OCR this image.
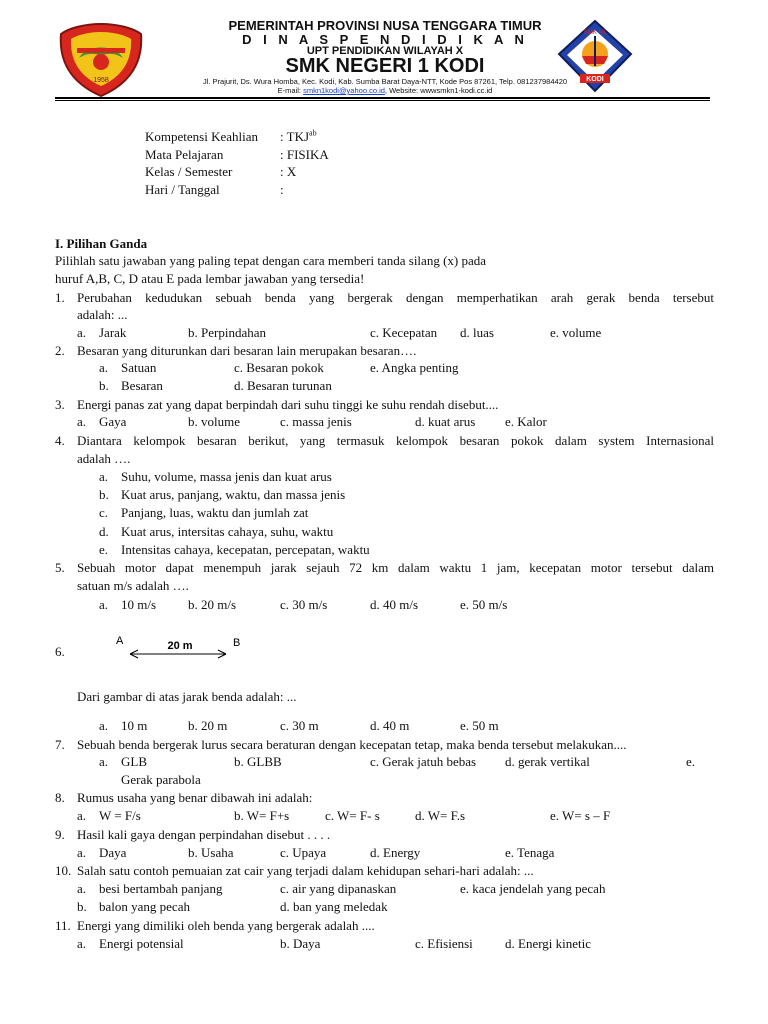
1958
PEMERINTAH PROVINSI NUSA TENGGARA TIMUR
D I N A S P E N D I D I K A N
UPT PENDIDIKAN WILAYAH X
SMK NEGERI 1 KODI
Jl. Prajurit, Ds. Wura Homba, Kec. Kodi, Kab. Sumba Barat Daya-NTT, Kode Pos 87261, Telp. 081237984420
E-mail: smkn1kodi@yahoo.co.id, Website: wwwsmkn1-kodi.cc.id
SMK N1
KODI
Kompetensi Keahlian : $TKJ^{ab}$
Mata Pelajaran	: FISIKA
Kelas / Semester	: X
Hari / Tanggal	:
I. Pilihan Ganda
Pilihlah satu jawaban yang paling tepat dengan cara memberi tanda silang (x) pada
huruf A,B, C, D atau E pada lembar jawaban yang tersedia!
1. Perubahan kedudukan sebuah benda yang bergerak dengan memperhatikan arah gerak benda tersebut
adalah: ...
a. Jarak	b. Perpindahan	c. Kecepatan d. luas	e. volume
2. Besaran yang diturunkan dari besaran lain merupakan besaran….
a. Satuan	c. Besaran pokok	e. Angka penting
b. Besaran	d. Besaran turunan
3. Energi panas zat yang dapat berpindah dari suhu tinggi ke suhu rendah disebut....
a. Gaya	b. volume	c. massa jenis	d. kuat arus e. Kalor
4. Diantara kelompok besaran berikut, yang termasuk kelompok besaran pokok dalam system Internasional
adalah ….
a. Suhu, volume, massa jenis dan kuat arus
b. Kuat arus, panjang, waktu, dan massa jenis
c. Panjang, luas, waktu dan jumlah zat
d. Kuat arus, intersitas cahaya, suhu, waktu
e. Intensitas cahaya, kecepatan, percepatan, waktu
5. Sebuah motor dapat menempuh jarak sejauh 72 km dalam waktu 1 jam, kecepatan motor tersebut dalam
satuan m/s adalah ….
a. 10 m/s b. 20 m/s	c. 30 m/s	d. 40 m/s	e. 50 m/s
6.
A	20 m	B
Dari gambar di atas jarak benda adalah: ...
a. 10 m	b. 20 m	c. 30 m	d. 40 m	e. 50 m
7. Sebuah benda bergerak lurus secara beraturan dengan kecepatan tetap, maka benda tersebut melakukan....
a. GLB	b. GLBB	c. Gerak jatuh bebas d. gerak vertikal	e.
Gerak parabola
8. Rumus usaha yang benar dibawah ini adalah:
a. W = F/s	b. W= F+s	c. W= F- s	d. W= F.s	e. W= s – F
9. Hasil kali gaya dengan perpindahan disebut . . . .
a. Daya	b. Usaha	c. Upaya	d. Energy	e. Tenaga
10. Salah satu contoh pemuaian zat cair yang terjadi dalam kehidupan sehari-hari adalah: ...
a. besi bertambah panjang	c. air yang dipanaskan	e. kaca jendelah yang pecah
b. balon yang pecah	d. ban yang meledak
11. Energi yang dimiliki oleh benda yang bergerak adalah ....
a. Energi potensial	b. Daya	c. Efisiensi d. Energi kinetic
